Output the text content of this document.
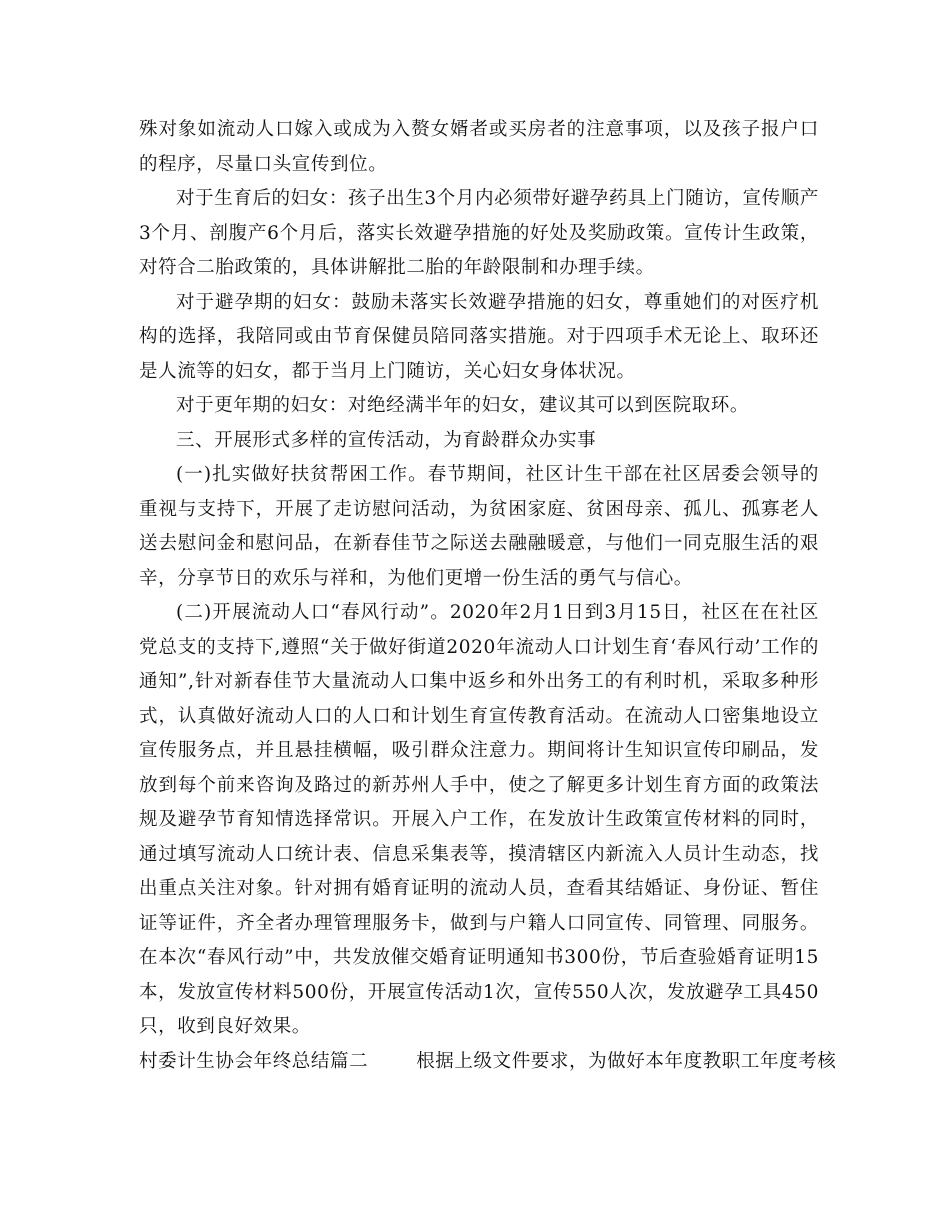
殊对象如流动人口嫁入或成为入赘女婿者或买房者的注意事项，以及孩子报户口的程序，尽量口头宣传到位。

对于生育后的妇女：孩子出生3个月内必须带好避孕药具上门随访，宣传顺产3个月、剖腹产6个月后，落实长效避孕措施的好处及奖励政策。宣传计生政策，对符合二胎政策的，具体讲解批二胎的年龄限制和办理手续。

对于避孕期的妇女：鼓励未落实长效避孕措施的妇女，尊重她们的对医疗机构的选择，我陪同或由节育保健员陪同落实措施。对于四项手术无论上、取环还是人流等的妇女，都于当月上门随访，关心妇女身体状况。

对于更年期的妇女：对绝经满半年的妇女，建议其可以到医院取环。

三、开展形式多样的宣传活动，为育龄群众办实事

(一)扎实做好扶贫帮困工作。春节期间，社区计生干部在社区居委会领导的重视与支持下，开展了走访慰问活动，为贫困家庭、贫困母亲、孤儿、孤寡老人送去慰问金和慰问品，在新春佳节之际送去融融暖意，与他们一同克服生活的艰辛，分享节日的欢乐与祥和，为他们更增一份生活的勇气与信心。

(二)开展流动人口“春风行动”。2020年2月1日到3月15日，社区在在社区党总支的支持下,遵照“关于做好街道2020年流动人口计划生育‘春风行动’工作的通知”,针对新春佳节大量流动人口集中返乡和外出务工的有利时机，采取多种形式，认真做好流动人口的人口和计划生育宣传教育活动。在流动人口密集地设立宣传服务点，并且悬挂横幅，吸引群众注意力。期间将计生知识宣传印刷品，发放到每个前来咨询及路过的新苏州人手中，使之了解更多计划生育方面的政策法规及避孕节育知情选择常识。开展入户工作，在发放计生政策宣传材料的同时，通过填写流动人口统计表、信息采集表等，摸清辖区内新流入人员计生动态，找出重点关注对象。针对拥有婚育证明的流动人员，查看其结婚证、身份证、暂住证等证件，齐全者办理管理服务卡，做到与户籍人口同宣传、同管理、同服务。在本次“春风行动”中，共发放催交婚育证明通知书300份，节后查验婚育证明15本，发放宣传材料500份，开展宣传活动1次，宣传550人次，发放避孕工具450只，收到良好效果。

村委计生协会年终总结篇二	根据上级文件要求，为做好本年度教职工年度考核
